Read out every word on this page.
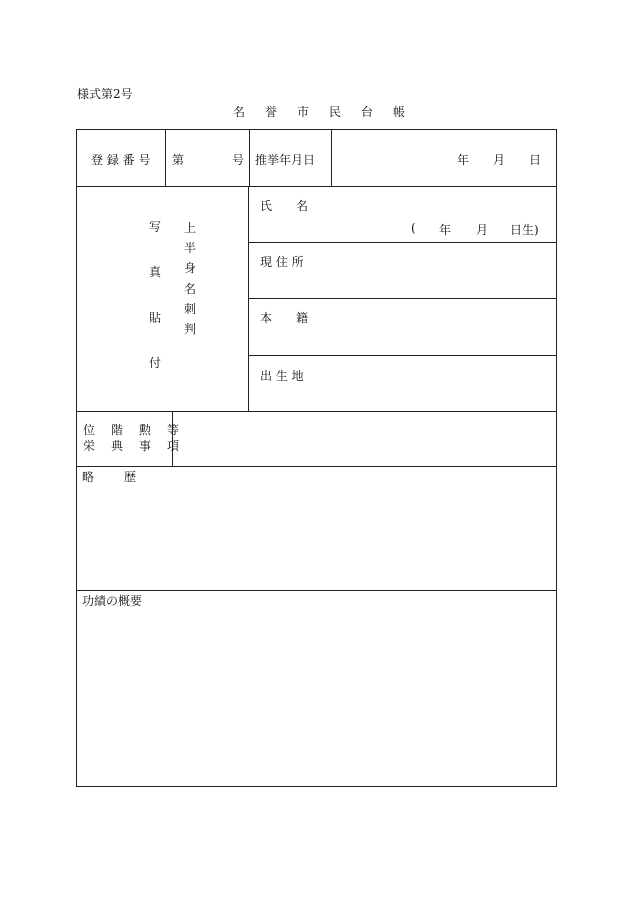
様式第2号
名　誉　市　民　台　帳
登 録 番 号 第	号 推挙年月日	年 月 日
写
真
貼
付
上
半
身
名
刺
判
氏　名
( 年 月 日生)
現 住 所
本　籍
出 生 地
位　階　勲　等
栄　典　事　項
略　　歴
功績の概要
